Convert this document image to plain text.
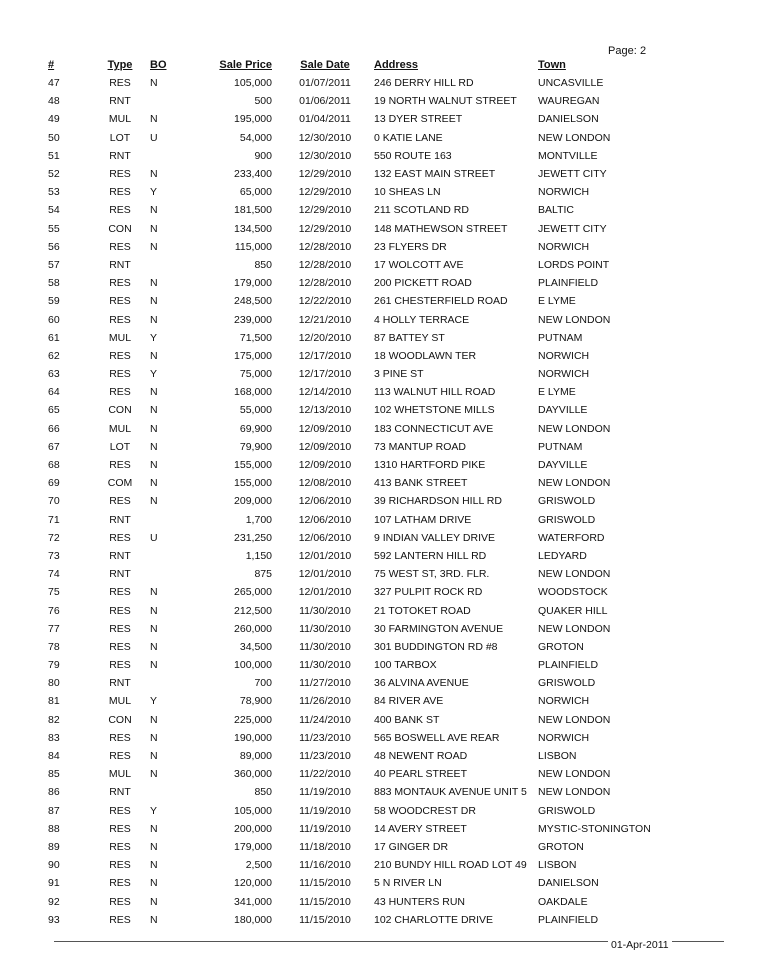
Page: 2
#	Type	BO	Sale Price	Sale Date	Address	Town
47	RES	N	105,000	01/07/2011	246 DERRY HILL RD	UNCASVILLE
48	RNT		500	01/06/2011	19 NORTH WALNUT STREET	WAUREGAN
49	MUL	N	195,000	01/04/2011	13 DYER STREET	DANIELSON
50	LOT	U	54,000	12/30/2010	0 KATIE LANE	NEW LONDON
51	RNT		900	12/30/2010	550 ROUTE 163	MONTVILLE
52	RES	N	233,400	12/29/2010	132 EAST MAIN STREET	JEWETT CITY
53	RES	Y	65,000	12/29/2010	10 SHEAS LN	NORWICH
54	RES	N	181,500	12/29/2010	211 SCOTLAND RD	BALTIC
55	CON	N	134,500	12/29/2010	148 MATHEWSON STREET	JEWETT CITY
56	RES	N	115,000	12/28/2010	23 FLYERS DR	NORWICH
57	RNT		850	12/28/2010	17 WOLCOTT AVE	LORDS POINT
58	RES	N	179,000	12/28/2010	200 PICKETT ROAD	PLAINFIELD
59	RES	N	248,500	12/22/2010	261 CHESTERFIELD ROAD	E LYME
60	RES	N	239,000	12/21/2010	4 HOLLY TERRACE	NEW LONDON
61	MUL	Y	71,500	12/20/2010	87 BATTEY ST	PUTNAM
62	RES	N	175,000	12/17/2010	18 WOODLAWN TER	NORWICH
63	RES	Y	75,000	12/17/2010	3 PINE ST	NORWICH
64	RES	N	168,000	12/14/2010	113 WALNUT HILL ROAD	E LYME
65	CON	N	55,000	12/13/2010	102 WHETSTONE MILLS	DAYVILLE
66	MUL	N	69,900	12/09/2010	183 CONNECTICUT AVE	NEW LONDON
67	LOT	N	79,900	12/09/2010	73 MANTUP ROAD	PUTNAM
68	RES	N	155,000	12/09/2010	1310 HARTFORD PIKE	DAYVILLE
69	COM	N	155,000	12/08/2010	413 BANK STREET	NEW LONDON
70	RES	N	209,000	12/06/2010	39 RICHARDSON HILL RD	GRISWOLD
71	RNT		1,700	12/06/2010	107 LATHAM DRIVE	GRISWOLD
72	RES	U	231,250	12/06/2010	9 INDIAN VALLEY DRIVE	WATERFORD
73	RNT		1,150	12/01/2010	592 LANTERN HILL RD	LEDYARD
74	RNT		875	12/01/2010	75 WEST ST, 3RD. FLR.	NEW LONDON
75	RES	N	265,000	12/01/2010	327 PULPIT ROCK RD	WOODSTOCK
76	RES	N	212,500	11/30/2010	21 TOTOKET ROAD	QUAKER HILL
77	RES	N	260,000	11/30/2010	30 FARMINGTON AVENUE	NEW LONDON
78	RES	N	34,500	11/30/2010	301 BUDDINGTON RD #8	GROTON
79	RES	N	100,000	11/30/2010	100 TARBOX	PLAINFIELD
80	RNT		700	11/27/2010	36 ALVINA AVENUE	GRISWOLD
81	MUL	Y	78,900	11/26/2010	84 RIVER AVE	NORWICH
82	CON	N	225,000	11/24/2010	400 BANK ST	NEW LONDON
83	RES	N	190,000	11/23/2010	565 BOSWELL AVE REAR	NORWICH
84	RES	N	89,000	11/23/2010	48 NEWENT ROAD	LISBON
85	MUL	N	360,000	11/22/2010	40 PEARL STREET	NEW LONDON
86	RNT		850	11/19/2010	883 MONTAUK AVENUE UNIT 5	NEW LONDON
87	RES	Y	105,000	11/19/2010	58 WOODCREST DR	GRISWOLD
88	RES	N	200,000	11/19/2010	14 AVERY STREET	MYSTIC-STONINGTON
89	RES	N	179,000	11/18/2010	17 GINGER DR	GROTON
90	RES	N	2,500	11/16/2010	210 BUNDY HILL ROAD LOT 49	LISBON
91	RES	N	120,000	11/15/2010	5 N RIVER LN	DANIELSON
92	RES	N	341,000	11/15/2010	43 HUNTERS RUN	OAKDALE
93	RES	N	180,000	11/15/2010	102 CHARLOTTE DRIVE	PLAINFIELD
01-Apr-2011
